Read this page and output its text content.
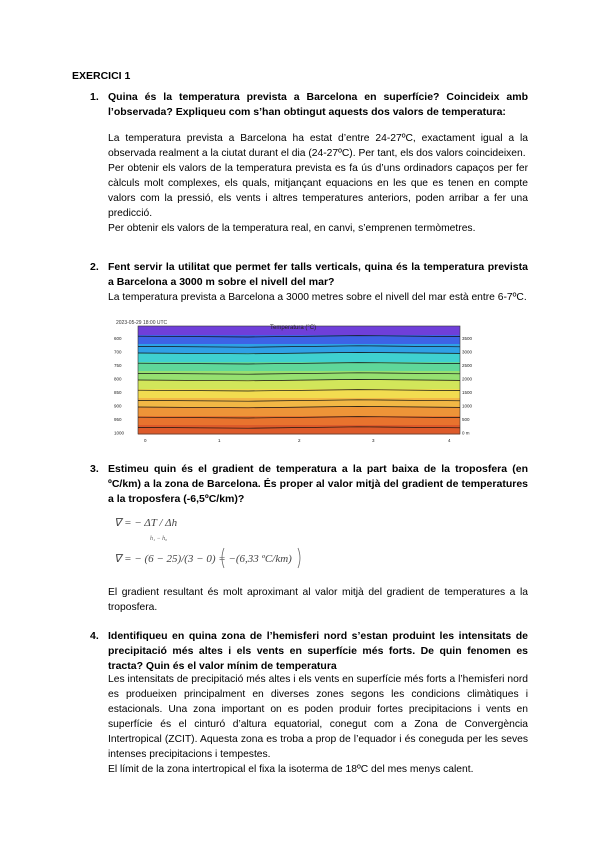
EXERCICI 1
1. Quina és la temperatura prevista a Barcelona en superfície? Coincideix amb l’observada? Expliqueu com s’han obtingut aquests dos valors de temperatura:
La temperatura prevista a Barcelona ha estat d’entre 24-27ºC, exactament igual a la observada realment a la ciutat durant el dia (24-27ºC). Per tant, els dos valors coincideixen.
Per obtenir els valors de la temperatura prevista es fa ús d’uns ordinadors capaços per fer càlculs molt complexes, els quals, mitjançant equacions en les que es tenen en compte valors com la pressió, els vents i altres temperatures anteriors, poden arribar a fer una predicció.
Per obtenir els valors de la temperatura real, en canvi, s’emprenen termòmetres.
2. Fent servir la utilitat que permet fer talls verticals, quina és la temperatura prevista a Barcelona a 3000 m sobre el nivell del mar?
La temperatura prevista a Barcelona a 3000 metres sobre el nivell del mar està entre 6-7ºC.
2023-05-29 18:00 UTC
Temperatura (°C)
600
700
750
800
850
900
950
1000
3500
3000
2500
2000
1500
1000
500
0 m
0	1	2	3	4
3. Estimeu quin és el gradient de temperatura a la part baixa de la troposfera (en ºC/km) a la zona de Barcelona. És proper al valor mitjà del gradient de temperatures a la troposfera (-6,5ºC/km)?
∇ = − ΔT / Δh
h₁ − h₀
∇ = − (6 − 25)/(3 − 0) = −(6,33 ºC/km)
El gradient resultant és molt aproximant al valor mitjà del gradient de temperatures a la troposfera.
4. Identifiqueu en quina zona de l’hemisferi nord s’estan produint les intensitats de precipitació més altes i els vents en superfície més forts. De quin fenomen es tracta? Quin és el valor mínim de temperatura
Les intensitats de precipitació més altes i els vents en superfície més forts a l’hemisferi nord es produeixen principalment en diverses zones segons les condicions climàtiques i estacionals. Una zona important on es poden produir fortes precipitacions i vents en superfície és el cinturó d’altura equatorial, conegut com a Zona de Convergència Intertropical (ZCIT). Aquesta zona es troba a prop de l’equador i és coneguda per les seves intenses precipitacions i tempestes.
El límit de la zona intertropical el fixa la isoterma de 18ºC del mes menys calent.
